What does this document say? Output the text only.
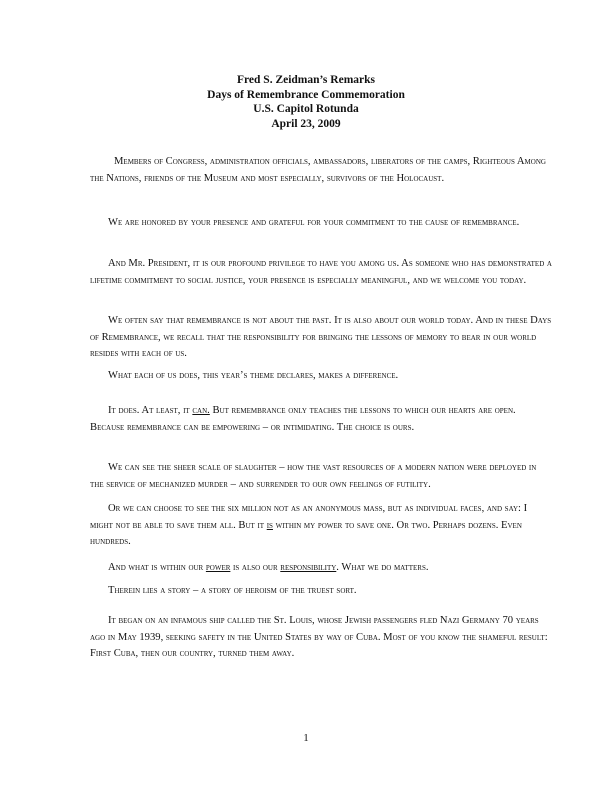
Fred S. Zeidman’s Remarks
Days of Remembrance Commemoration
U.S. Capitol Rotunda
April 23, 2009

Members of Congress, administration officials, ambassadors, liberators of the camps, Righteous Among the Nations, friends of the Museum and most especially, survivors of the Holocaust.

We are honored by your presence and grateful for your commitment to the cause of remembrance.

And Mr. President, it is our profound privilege to have you among us. As someone who has demonstrated a lifetime commitment to social justice, your presence is especially meaningful, and we welcome you today.

We often say that remembrance is not about the past. It is also about our world today. And in these Days of Remembrance, we recall that the responsibility for bringing the lessons of memory to bear in our world resides with each of us.

What each of us does, this year’s theme declares, makes a difference.

It does. At least, it can. But remembrance only teaches the lessons to which our hearts are open. Because remembrance can be empowering – or intimidating. The choice is ours.

We can see the sheer scale of slaughter – how the vast resources of a modern nation were deployed in the service of mechanized murder – and surrender to our own feelings of futility.

Or we can choose to see the six million not as an anonymous mass, but as individual faces, and say: I might not be able to save them all. But it is within my power to save one. Or two. Perhaps dozens. Even hundreds.

And what is within our power is also our responsibility. What we do matters.

Therein lies a story – a story of heroism of the truest sort.

It began on an infamous ship called the St. Louis, whose Jewish passengers fled Nazi Germany 70 years ago in May 1939, seeking safety in the United States by way of Cuba. Most of you know the shameful result: First Cuba, then our country, turned them away.

1
